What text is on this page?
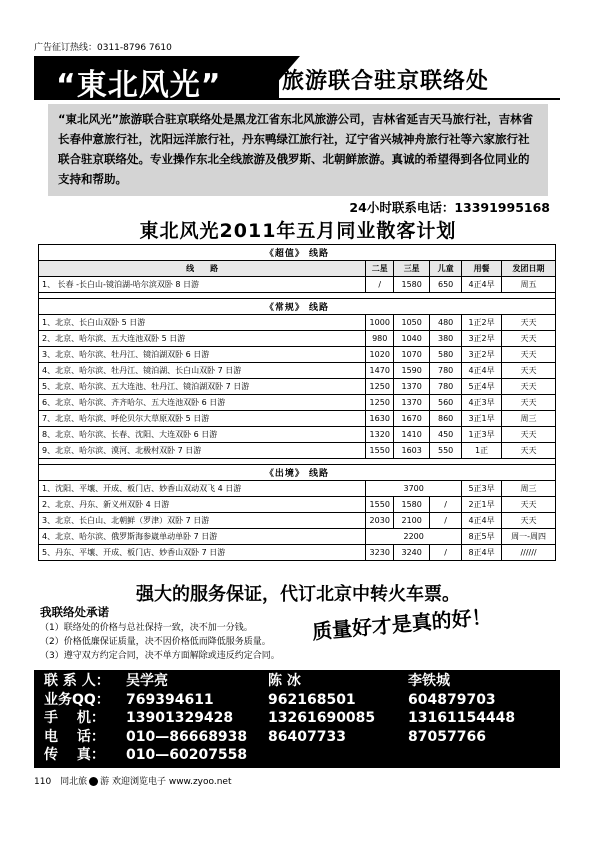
广告征订热线：0311-8796 7610
“東北风光”	旅游联合驻京联络处
“東北风光”旅游联合驻京联络处是黑龙江省东北风旅游公司，吉林省延吉天马旅行社，吉林省长春仲意旅行社，沈阳远洋旅行社，丹东鸭绿江旅行社，辽宁省兴城神舟旅行社等六家旅行社 联合驻京联络处。专业操作东北全线旅游及俄罗斯、北朝鲜旅游。真诚的希望得到各位同业的支持和帮助。
24小时联系电话：13391995168
東北风光2011年五月同业散客计划
《超值》 线路					
线　　路	二星	三星	儿童	用餐	发团日期
1、 长春 -长白山-镜泊湖-哈尔滨双卧 8 日游	/	1580	650	4正4早	周五

《常规》 线路					
1、北京、长白山双卧 5 日游	1000	1050	480	1正2早	天天
2、北京、哈尔滨、五大连池双卧 5 日游	980	1040	380	3正2早	天天
3、北京、哈尔滨、牡丹江、镜泊湖双卧 6 日游	1020	1070	580	3正2早	天天
4、北京、哈尔滨、牡丹江、镜泊湖、长白山双卧 7 日游	1470	1590	780	4正4早	天天
5、北京、哈尔滨、五大连池、牡丹江、镜泊湖双卧 7 日游	1250	1370	780	5正4早	天天
6、北京、哈尔滨、齐齐哈尔、五大连池双卧 6 日游	1250	1370	560	4正3早	天天
7、北京、哈尔滨、呼伦贝尔大草原双卧 5 日游	1630	1670	860	3正1早	周三
8、北京、哈尔滨、长春、沈阳、大连双卧 6 日游	1320	1410	450	1正3早	天天
9、北京、哈尔滨、漠河、北极村双卧 7 日游	1550	1603	550	1正	天天

《出境》 线路					
1、沈阳、平壤、开成、板门店、妙香山双动双飞 4 日游	3700			5正3早	周三
2、北京、丹东、新义州双卧 4 日游	1550	1580	/	2正1早	天天
3、北京、长白山、北朝鲜（罗津）双卧 7 日游	2030	2100	/	4正4早	天天
4、北京、哈尔滨、俄罗斯海参崴单动单卧 7 日游	2200			8正5早	周一-周四
5、丹东、平壤、开成、板门店、妙香山双卧 7 日游	3230	3240	/	8正4早	//////
强大的服务保证，代订北京中转火车票。
我联络处承诺
（1）联络处的价格与总社保持一致，决不加一分钱。
（2）价格低廉保证质量，决不因价格低而降低服务质量。
（3）遵守双方约定合同，决不单方面解除或违反约定合同。
质量好才是真的好！
联 系 人： 吴学亮	陈 冰	李铁城
业务QQ： 769394611	962168501	604879703
手　 机： 13901329428 13261690085 13161154448
电　 话： 010—86668938 86407733	87057766
传　 真： 010—60207558
110 同北旅 游 欢迎浏览电子 www.zyoo.net
